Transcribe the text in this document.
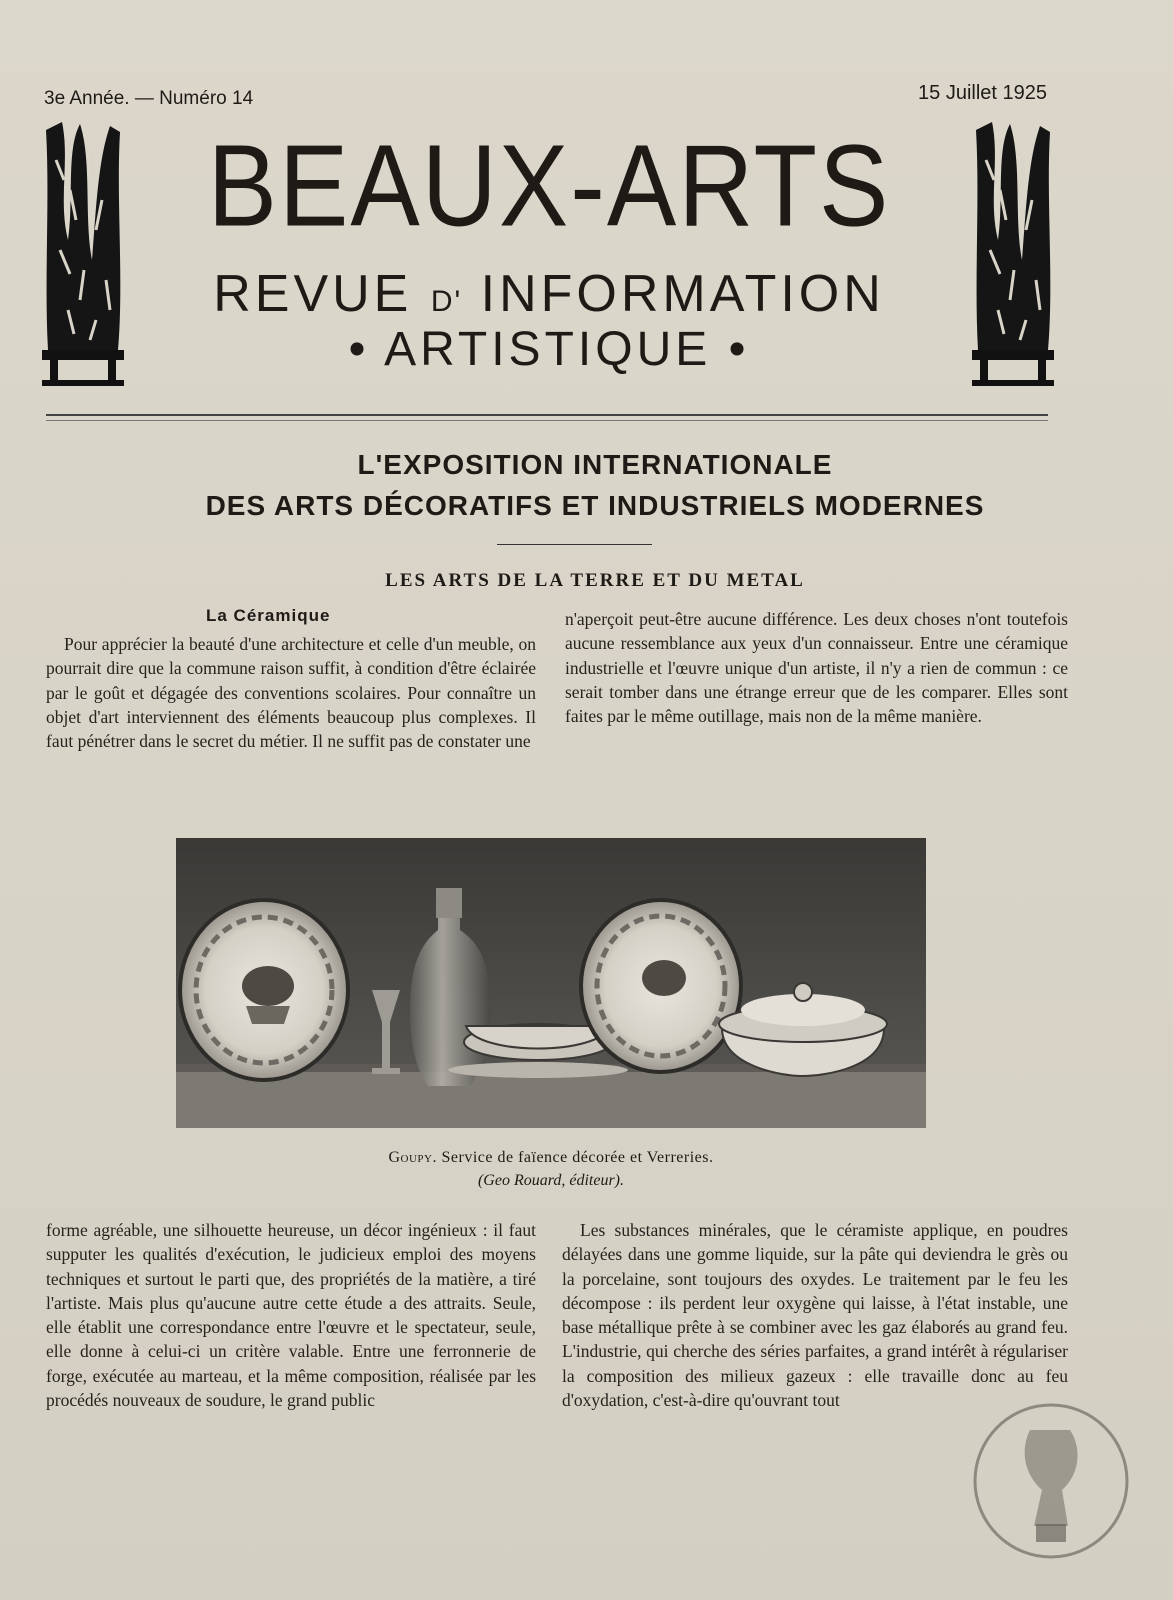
3e Année. — Numéro 14	15 Juillet 1925
BEAUX-ARTS
REVUE D' INFORMATION
• ARTISTIQUE •
L'EXPOSITION INTERNATIONALE
DES ARTS DÉCORATIFS ET INDUSTRIELS MODERNES
LES ARTS DE LA TERRE ET DU METAL
La Céramique

Pour apprécier la beauté d'une architecture et celle d'un meuble, on pourrait dire que la commune raison suffit, à condition d'être éclairée par le goût et dégagée des conventions scolaires. Pour connaître un objet d'art interviennent des éléments beaucoup plus complexes. Il faut pénétrer dans le secret du métier. Il ne suffit pas de constater une

n'aperçoit peut-être aucune différence. Les deux choses n'ont toutefois aucune ressemblance aux yeux d'un connaisseur. Entre une céramique industrielle et l'œuvre unique d'un artiste, il n'y a rien de commun : ce serait tomber dans une étrange erreur que de les comparer. Elles sont faites par le même outillage, mais non de la même manière.

Goupy. Service de faïence décorée et Verreries.
(Geo Rouard, éditeur).

forme agréable, une silhouette heureuse, un décor ingénieux : il faut supputer les qualités d'exécution, le judicieux emploi des moyens techniques et surtout le parti que, des propriétés de la matière, a tiré l'artiste. Mais plus qu'aucune autre cette étude a des attraits. Seule, elle établit une correspondance entre l'œuvre et le spectateur, seule, elle donne à celui-ci un critère valable. Entre une ferronnerie de forge, exécutée au marteau, et la même composition, réalisée par les procédés nouveaux de soudure, le grand public

Les substances minérales, que le céramiste applique, en poudres délayées dans une gomme liquide, sur la pâte qui deviendra le grès ou la porcelaine, sont toujours des oxydes. Le traitement par le feu les décompose : ils perdent leur oxygène qui laisse, à l'état instable, une base métallique prête à se combiner avec les gaz élaborés au grand feu. L'industrie, qui cherche des séries parfaites, a grand intérêt à régulariser la composition des milieux gazeux : elle travaille donc au feu d'oxydation, c'est-à-dire qu'ouvrant tout
